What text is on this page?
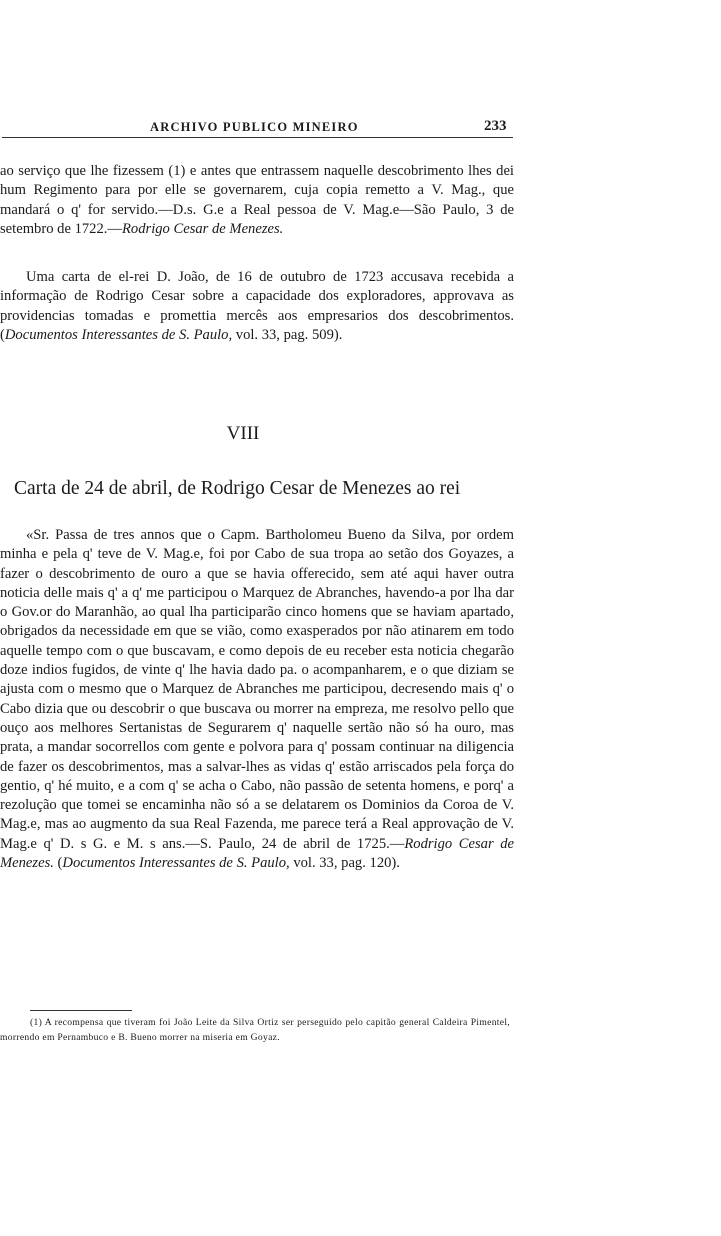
ARCHIVO PUBLICO MINEIRO	233

ao serviço que lhe fizessem (1) e antes que entrassem naquelle descobrimento lhes dei hum Regimento para por elle se governarem, cuja copia remetto a V. Mag., que mandará o q' for servido.—D.s. G.e a Real pessoa de V. Mag.e—São Paulo, 3 de setembro de 1722.—Rodrigo Cesar de Menezes.

Uma carta de el-rei D. João, de 16 de outubro de 1723 accusava recebida a informação de Rodrigo Cesar sobre a capacidade dos exploradores, approvava as providencias tomadas e promettia mercês aos empresarios dos descobrimentos. (Documentos Interessantes de S. Paulo, vol. 33, pag. 509).

VIII
Carta de 24 de abril, de Rodrigo Cesar de Menezes ao rei

«Sr. Passa de tres annos que o Capm. Bartholomeu Bueno da Silva, por ordem minha e pela q' teve de V. Mag.e, foi por Cabo de sua tropa ao setão dos Goyazes, a fazer o descobrimento de ouro a que se havia offerecido, sem até aqui haver outra noticia delle mais q' a q' me participou o Marquez de Abranches, havendo-a por lha dar o Gov.or do Maranhão, ao qual lha participarão cinco homens que se haviam apartado, obrigados da necessidade em que se vião, como exasperados por não atinarem em todo aquelle tempo com o que buscavam, e como depois de eu receber esta noticia chegarão doze indios fugidos, de vinte q' lhe havia dado pa. o acompanharem, e o que diziam se ajusta com o mesmo que o Marquez de Abranches me participou, decresendo mais q' o Cabo dizia que ou descobrir o que buscava ou morrer na empreza, me resolvo pello que ouço aos melhores Sertanistas de Segurarem q' naquelle sertão não só ha ouro, mas prata, a mandar socorrellos com gente e polvora para q' possam continuar na diligencia de fazer os descobrimentos, mas a salvar-lhes as vidas q' estão arriscados pela força do gentio, q' hé muito, e a com q' se acha o Cabo, não passão de setenta homens, e porq' a rezolução que tomei se encaminha não só a se delatarem os Dominios da Coroa de V. Mag.e, mas ao augmento da sua Real Fazenda, me parece terá a Real approvação de V. Mag.e q' D. s G. e M. s ans.—S. Paulo, 24 de abril de 1725.—Rodrigo Cesar de Menezes. (Documentos Interessantes de S. Paulo, vol. 33, pag. 120).

(1) A recompensa que tiveram foi João Leite da Silva Ortiz ser perseguido pelo capitão general Caldeira Pimentel, morrendo em Pernambuco e B. Bueno morrer na miseria em Goyaz.
